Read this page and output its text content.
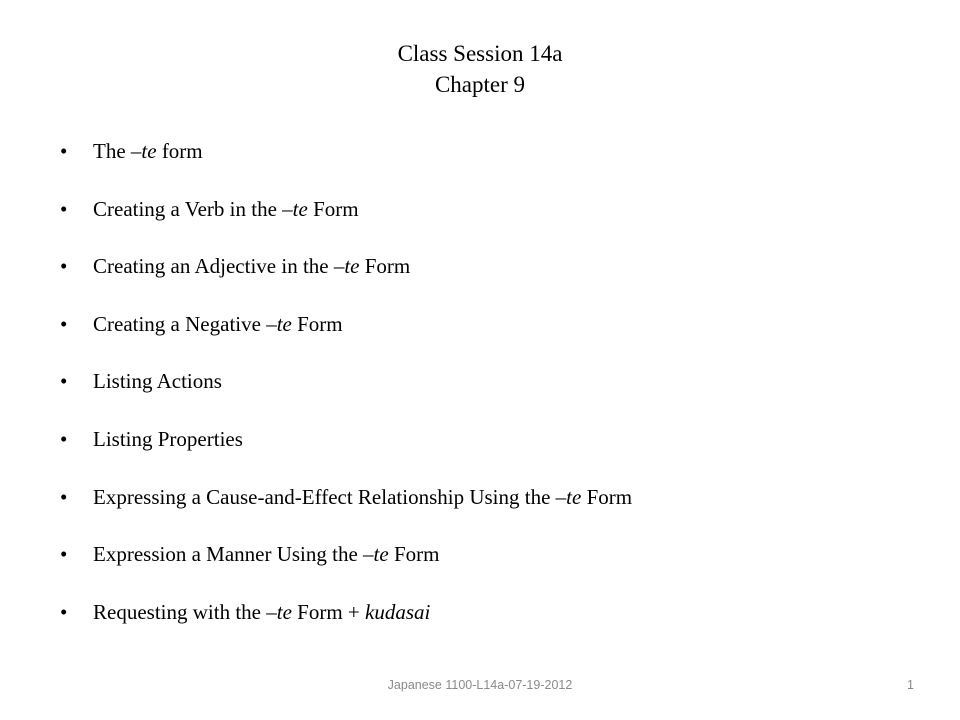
Class Session 14a
Chapter 9
• The –te form
• Creating a Verb in the –te Form
• Creating an Adjective in the –te Form
• Creating a Negative –te Form
• Listing Actions
• Listing Properties
• Expressing a Cause-and-Effect Relationship Using the –te Form
• Expression a Manner Using the –te Form
• Requesting with the –te Form + kudasai
Japanese 1100-L14a-07-19-2012	1
